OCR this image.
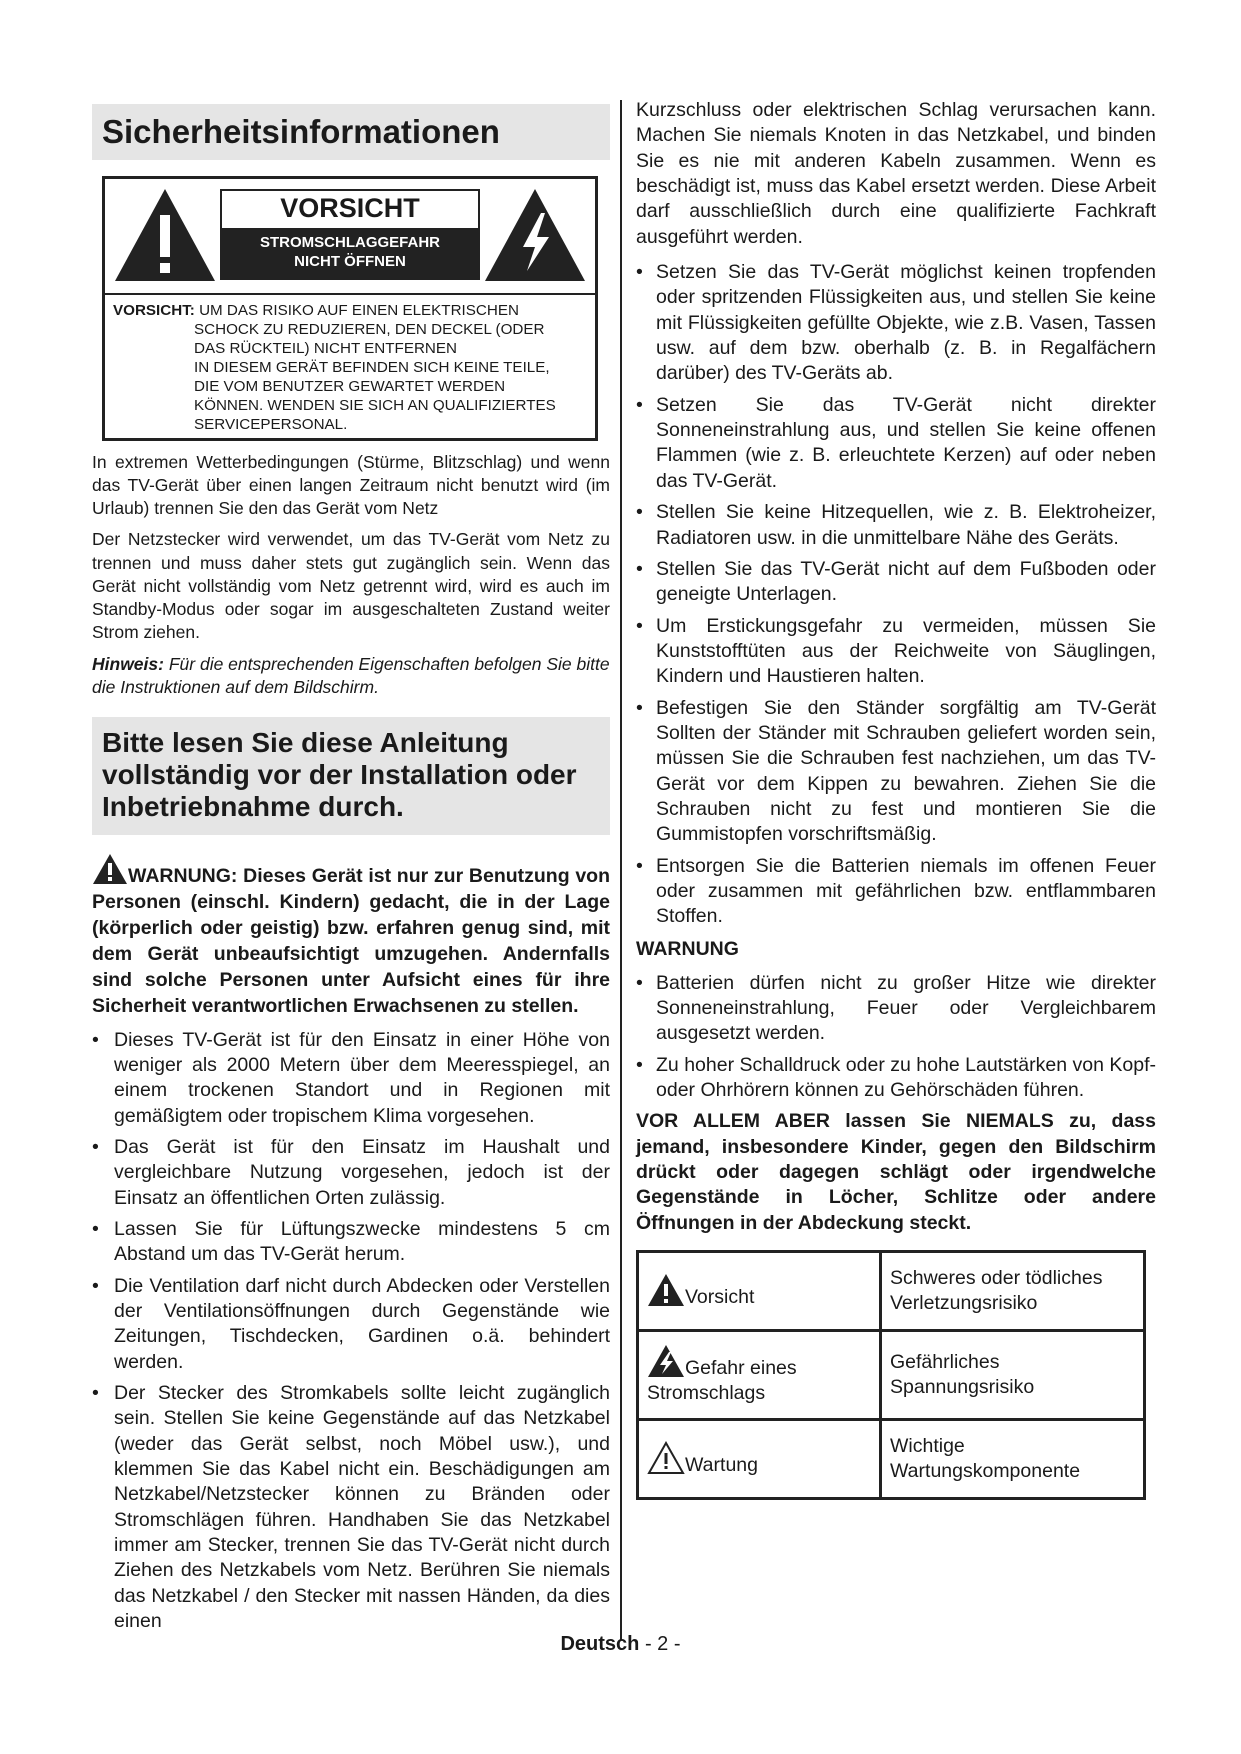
Sicherheitsinformationen
VORSICHT
STROMSCHLAGGEFAHR
NICHT ÖFFNEN
VORSICHT: UM DAS RISIKO AUF EINEN ELEKTRISCHEN
SCHOCK ZU REDUZIEREN, DEN DECKEL (ODER
DAS RÜCKTEIL) NICHT ENTFERNEN
IN DIESEM GERÄT BEFINDEN SICH KEINE TEILE,
DIE VOM BENUTZER GEWARTET WERDEN
KÖNNEN. WENDEN SIE SICH AN QUALIFIZIERTES
SERVICEPERSONAL.

In extremen Wetterbedingungen (Stürme, Blitzschlag) und wenn das TV-Gerät über einen langen Zeitraum nicht benutzt wird (im Urlaub) trennen Sie den das Gerät vom Netz

Der Netzstecker wird verwendet, um das TV-Gerät vom Netz zu trennen und muss daher stets gut zugänglich sein. Wenn das Gerät nicht vollständig vom Netz getrennt wird, wird es auch im Standby-Modus oder sogar im ausgeschalteten Zustand weiter Strom ziehen.

Hinweis: Für die entsprechenden Eigenschaften befolgen Sie bitte die Instruktionen auf dem Bildschirm.

Bitte lesen Sie diese Anleitung vollständig vor der Installation oder Inbetriebnahme durch.

WARNUNG: Dieses Gerät ist nur zur Benutzung von Personen (einschl. Kindern) gedacht, die in der Lage (körperlich oder geistig) bzw. erfahren genug sind, mit dem Gerät unbeaufsichtigt umzugehen. Andernfalls sind solche Personen unter Aufsicht eines für ihre Sicherheit verantwortlichen Erwachsenen zu stellen.

• Dieses TV-Gerät ist für den Einsatz in einer Höhe von weniger als 2000 Metern über dem Meeresspiegel, an einem trockenen Standort und in Regionen mit gemäßigtem oder tropischem Klima vorgesehen.
• Das Gerät ist für den Einsatz im Haushalt und vergleichbare Nutzung vorgesehen, jedoch ist der Einsatz an öffentlichen Orten zulässig.
• Lassen Sie für Lüftungszwecke mindestens 5 cm Abstand um das TV-Gerät herum.
• Die Ventilation darf nicht durch Abdecken oder Verstellen der Ventilationsöffnungen durch Gegenstände wie Zeitungen, Tischdecken, Gardinen o.ä. behindert werden.
• Der Stecker des Stromkabels sollte leicht zugänglich sein. Stellen Sie keine Gegenstände auf das Netzkabel (weder das Gerät selbst, noch Möbel usw.), und klemmen Sie das Kabel nicht ein. Beschädigungen am Netzkabel/Netzstecker können zu Bränden oder Stromschlägen führen. Handhaben Sie das Netzkabel immer am Stecker, trennen Sie das TV-Gerät nicht durch Ziehen des Netzkabels vom Netz. Berühren Sie niemals das Netzkabel / den Stecker mit nassen Händen, da dies einen

Kurzschluss oder elektrischen Schlag verursachen kann. Machen Sie niemals Knoten in das Netzkabel, und binden Sie es nie mit anderen Kabeln zusammen. Wenn es beschädigt ist, muss das Kabel ersetzt werden. Diese Arbeit darf ausschließlich durch eine qualifizierte Fachkraft ausgeführt werden.

• Setzen Sie das TV-Gerät möglichst keinen tropfenden oder spritzenden Flüssigkeiten aus, und stellen Sie keine mit Flüssigkeiten gefüllte Objekte, wie z.B. Vasen, Tassen usw. auf dem bzw. oberhalb (z. B. in Regalfächern darüber) des TV-Geräts ab.
• Setzen Sie das TV-Gerät nicht direkter Sonneneinstrahlung aus, und stellen Sie keine offenen Flammen (wie z. B. erleuchtete Kerzen) auf oder neben das TV-Gerät.
• Stellen Sie keine Hitzequellen, wie z. B. Elektroheizer, Radiatoren usw. in die unmittelbare Nähe des Geräts.
• Stellen Sie das TV-Gerät nicht auf dem Fußboden oder geneigte Unterlagen.
• Um Erstickungsgefahr zu vermeiden, müssen Sie Kunststofftüten aus der Reichweite von Säuglingen, Kindern und Haustieren halten.
• Befestigen Sie den Ständer sorgfältig am TV-Gerät Sollten der Ständer mit Schrauben geliefert worden sein, müssen Sie die Schrauben fest nachziehen, um das TV-Gerät vor dem Kippen zu bewahren. Ziehen Sie die Schrauben nicht zu fest und montieren Sie die Gummistopfen vorschriftsmäßig.
• Entsorgen Sie die Batterien niemals im offenen Feuer oder zusammen mit gefährlichen bzw. entflammbaren Stoffen.
WARNUNG
• Batterien dürfen nicht zu großer Hitze wie direkter Sonneneinstrahlung, Feuer oder Vergleichbarem ausgesetzt werden.
• Zu hoher Schalldruck oder zu hohe Lautstärken von Kopf- oder Ohrhörern können zu Gehörschäden führen.

VOR ALLEM ABER lassen Sie NIEMALS zu, dass jemand, insbesondere Kinder, gegen den Bildschirm drückt oder dagegen schlägt oder irgendwelche Gegenstände in Löcher, Schlitze oder andere Öffnungen in der Abdeckung steckt.

Vorsicht	Schweres oder tödliches Verletzungsrisiko
Gefahr eines Stromschlags	Gefährliches Spannungsrisiko
Wartung	Wichtige Wartungskomponente
Deutsch - 2 -
